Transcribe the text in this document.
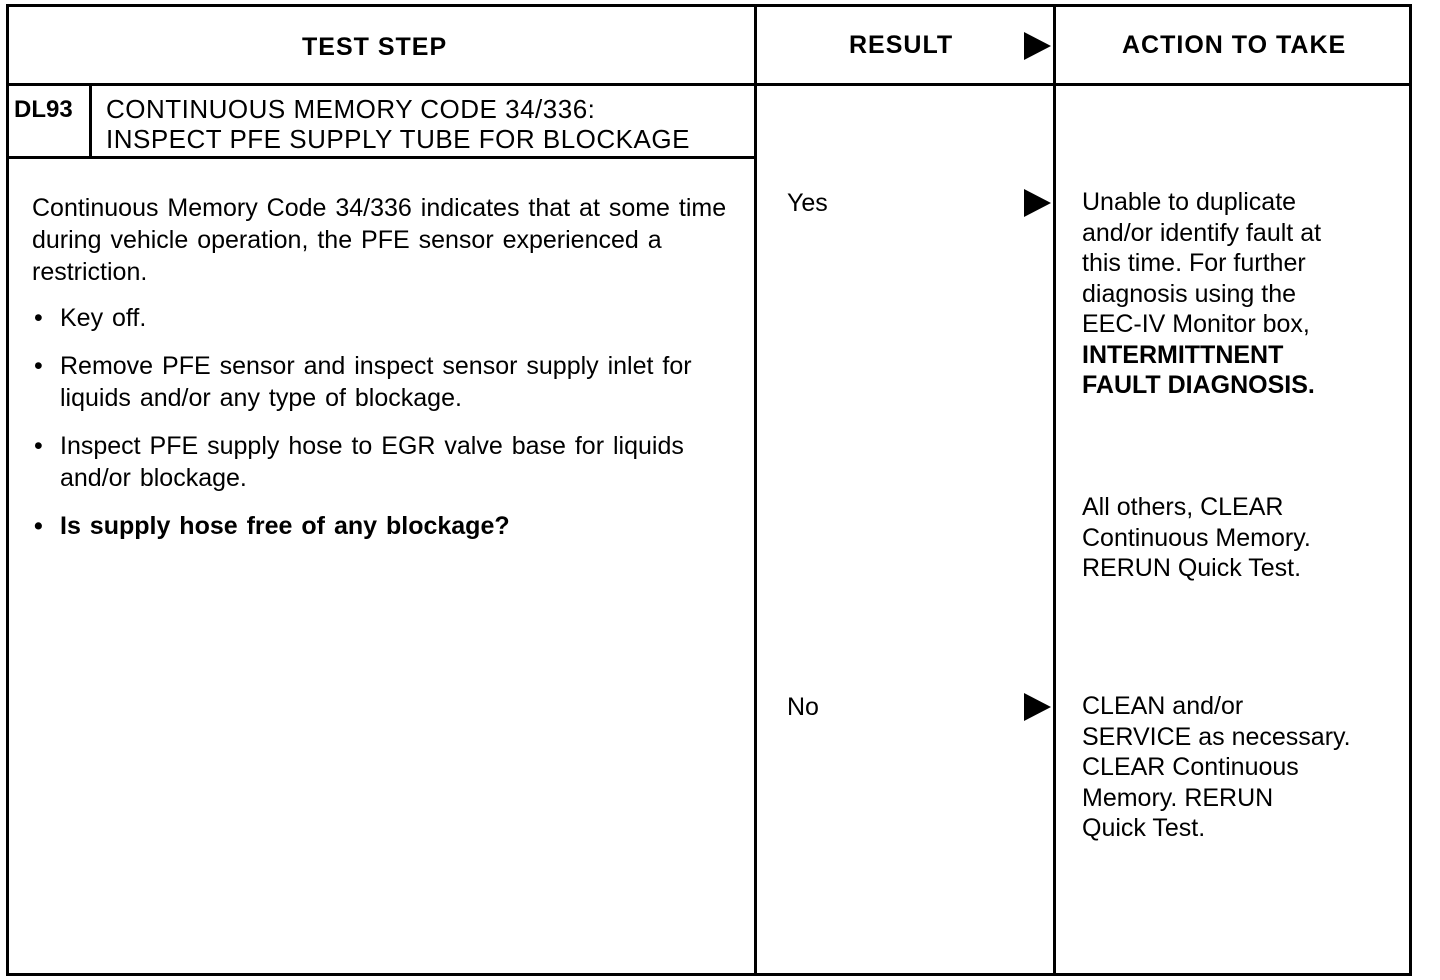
TEST STEP	RESULT	ACTION TO TAKE
DL93 CONTINUOUS MEMORY CODE 34/336:
INSPECT PFE SUPPLY TUBE FOR BLOCKAGE

Continuous Memory Code 34/336 indicates that at some time during vehicle operation, the PFE sensor experienced a restriction.

• Key off.

• Remove PFE sensor and inspect sensor supply inlet for liquids and/or any type of blockage.

• Inspect PFE supply hose to EGR valve base for liquids and/or blockage.

• Is supply hose free of any blockage?

Yes	Unable to duplicate
and/or identify fault at
this time. For further
diagnosis using the
EEC-IV Monitor box,
INTERMITTNENT
FAULT DIAGNOSIS.
All others, CLEAR
Continuous Memory.
RERUN Quick Test.
No	CLEAN and/or
SERVICE as necessary.
CLEAR Continuous
Memory. RERUN
Quick Test.
